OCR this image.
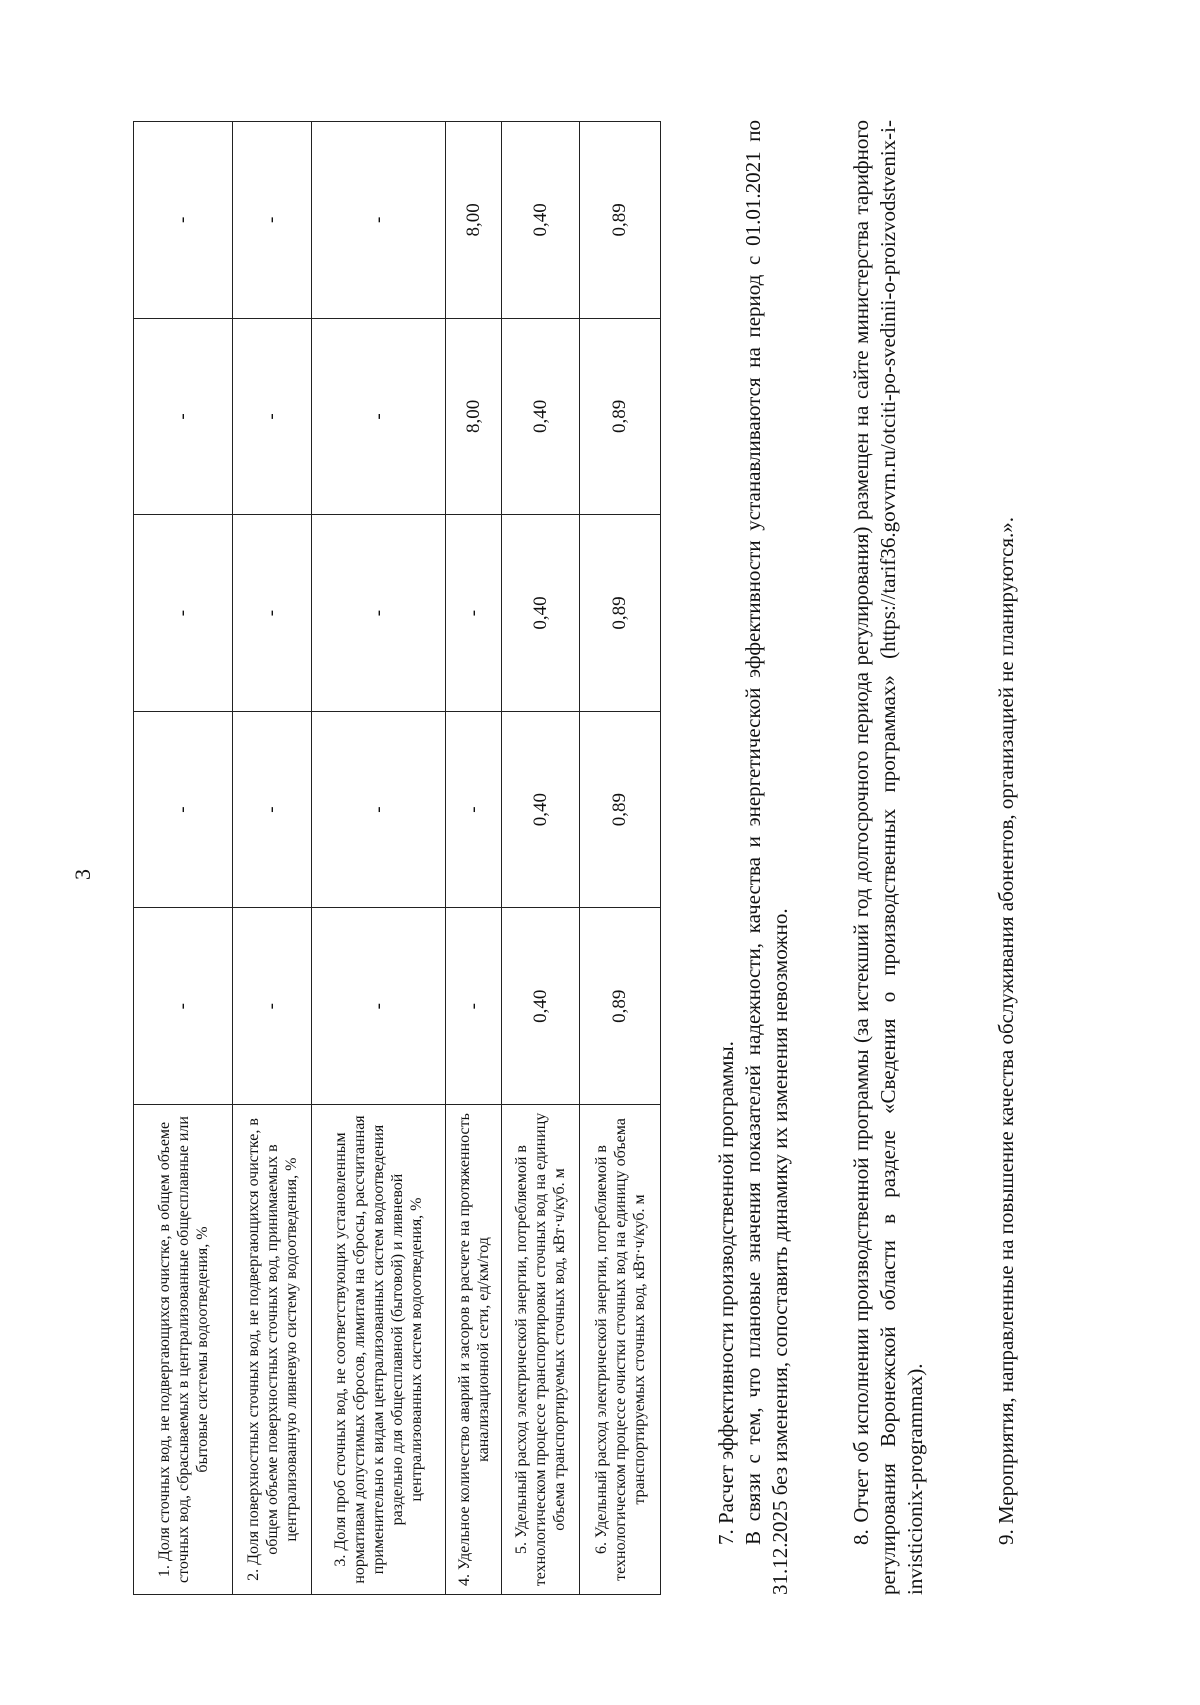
3
1. Доля сточных вод, не подвергающихся очистке, в общем объеме сточных вод, сбрасываемых в централизованные общесплавные или бытовые системы водоотведения, %	-	-	-	-	-
2. Доля поверхностных сточных вод, не подвергающихся очистке, в общем объеме поверхностных сточных вод, принимаемых в централизованную ливневую систему водоотведения, %	-	-	-	-	-
3. Доля проб сточных вод, не соответствующих установленным нормативам допустимых сбросов, лимитам на сбросы, рассчитанная применительно к видам централизованных систем водоотведения раздельно для общесплавной (бытовой) и ливневой централизованных систем водоотведения, %	-	-	-	-	-
4. Удельное количество аварий и засоров в расчете на протяженность канализационной сети, ед/км/год	-	-	-	8,00	8,00
5. Удельный расход электрической энергии, потребляемой в технологическом процессе транспортировки сточных вод на единицу объема транспортируемых сточных вод, кВт·ч/куб. м	0,40	0,40	0,40	0,40	0,40
6. Удельный расход электрической энергии, потребляемой в технологическом процессе очистки сточных вод на единицу объема транспортируемых сточных вод, кВт·ч/куб. м	0,89	0,89	0,89	0,89	0,89
7. Расчет эффективности производственной программы. В связи с тем, что плановые значения показателей надежности, качества и энергетической эффективности устанавливаются на период с 01.01.2021 по 31.12.2025 без изменения, сопоставить динамику их изменения невозможно.	8. Отчет об исполнении производственной программы (за истекший год долгосрочного периода регулирования) размещен на сайте министерства тарифного регулирования Воронежской области в разделе «Сведения о производственных программах» (https://tarif36.govvrn.ru/otciti-po-svedinii-o-proizvodstvenix-i-invisticionix-programmax).	9. Мероприятия, направленные на повышение качества обслуживания абонентов, организацией не планируются.».
